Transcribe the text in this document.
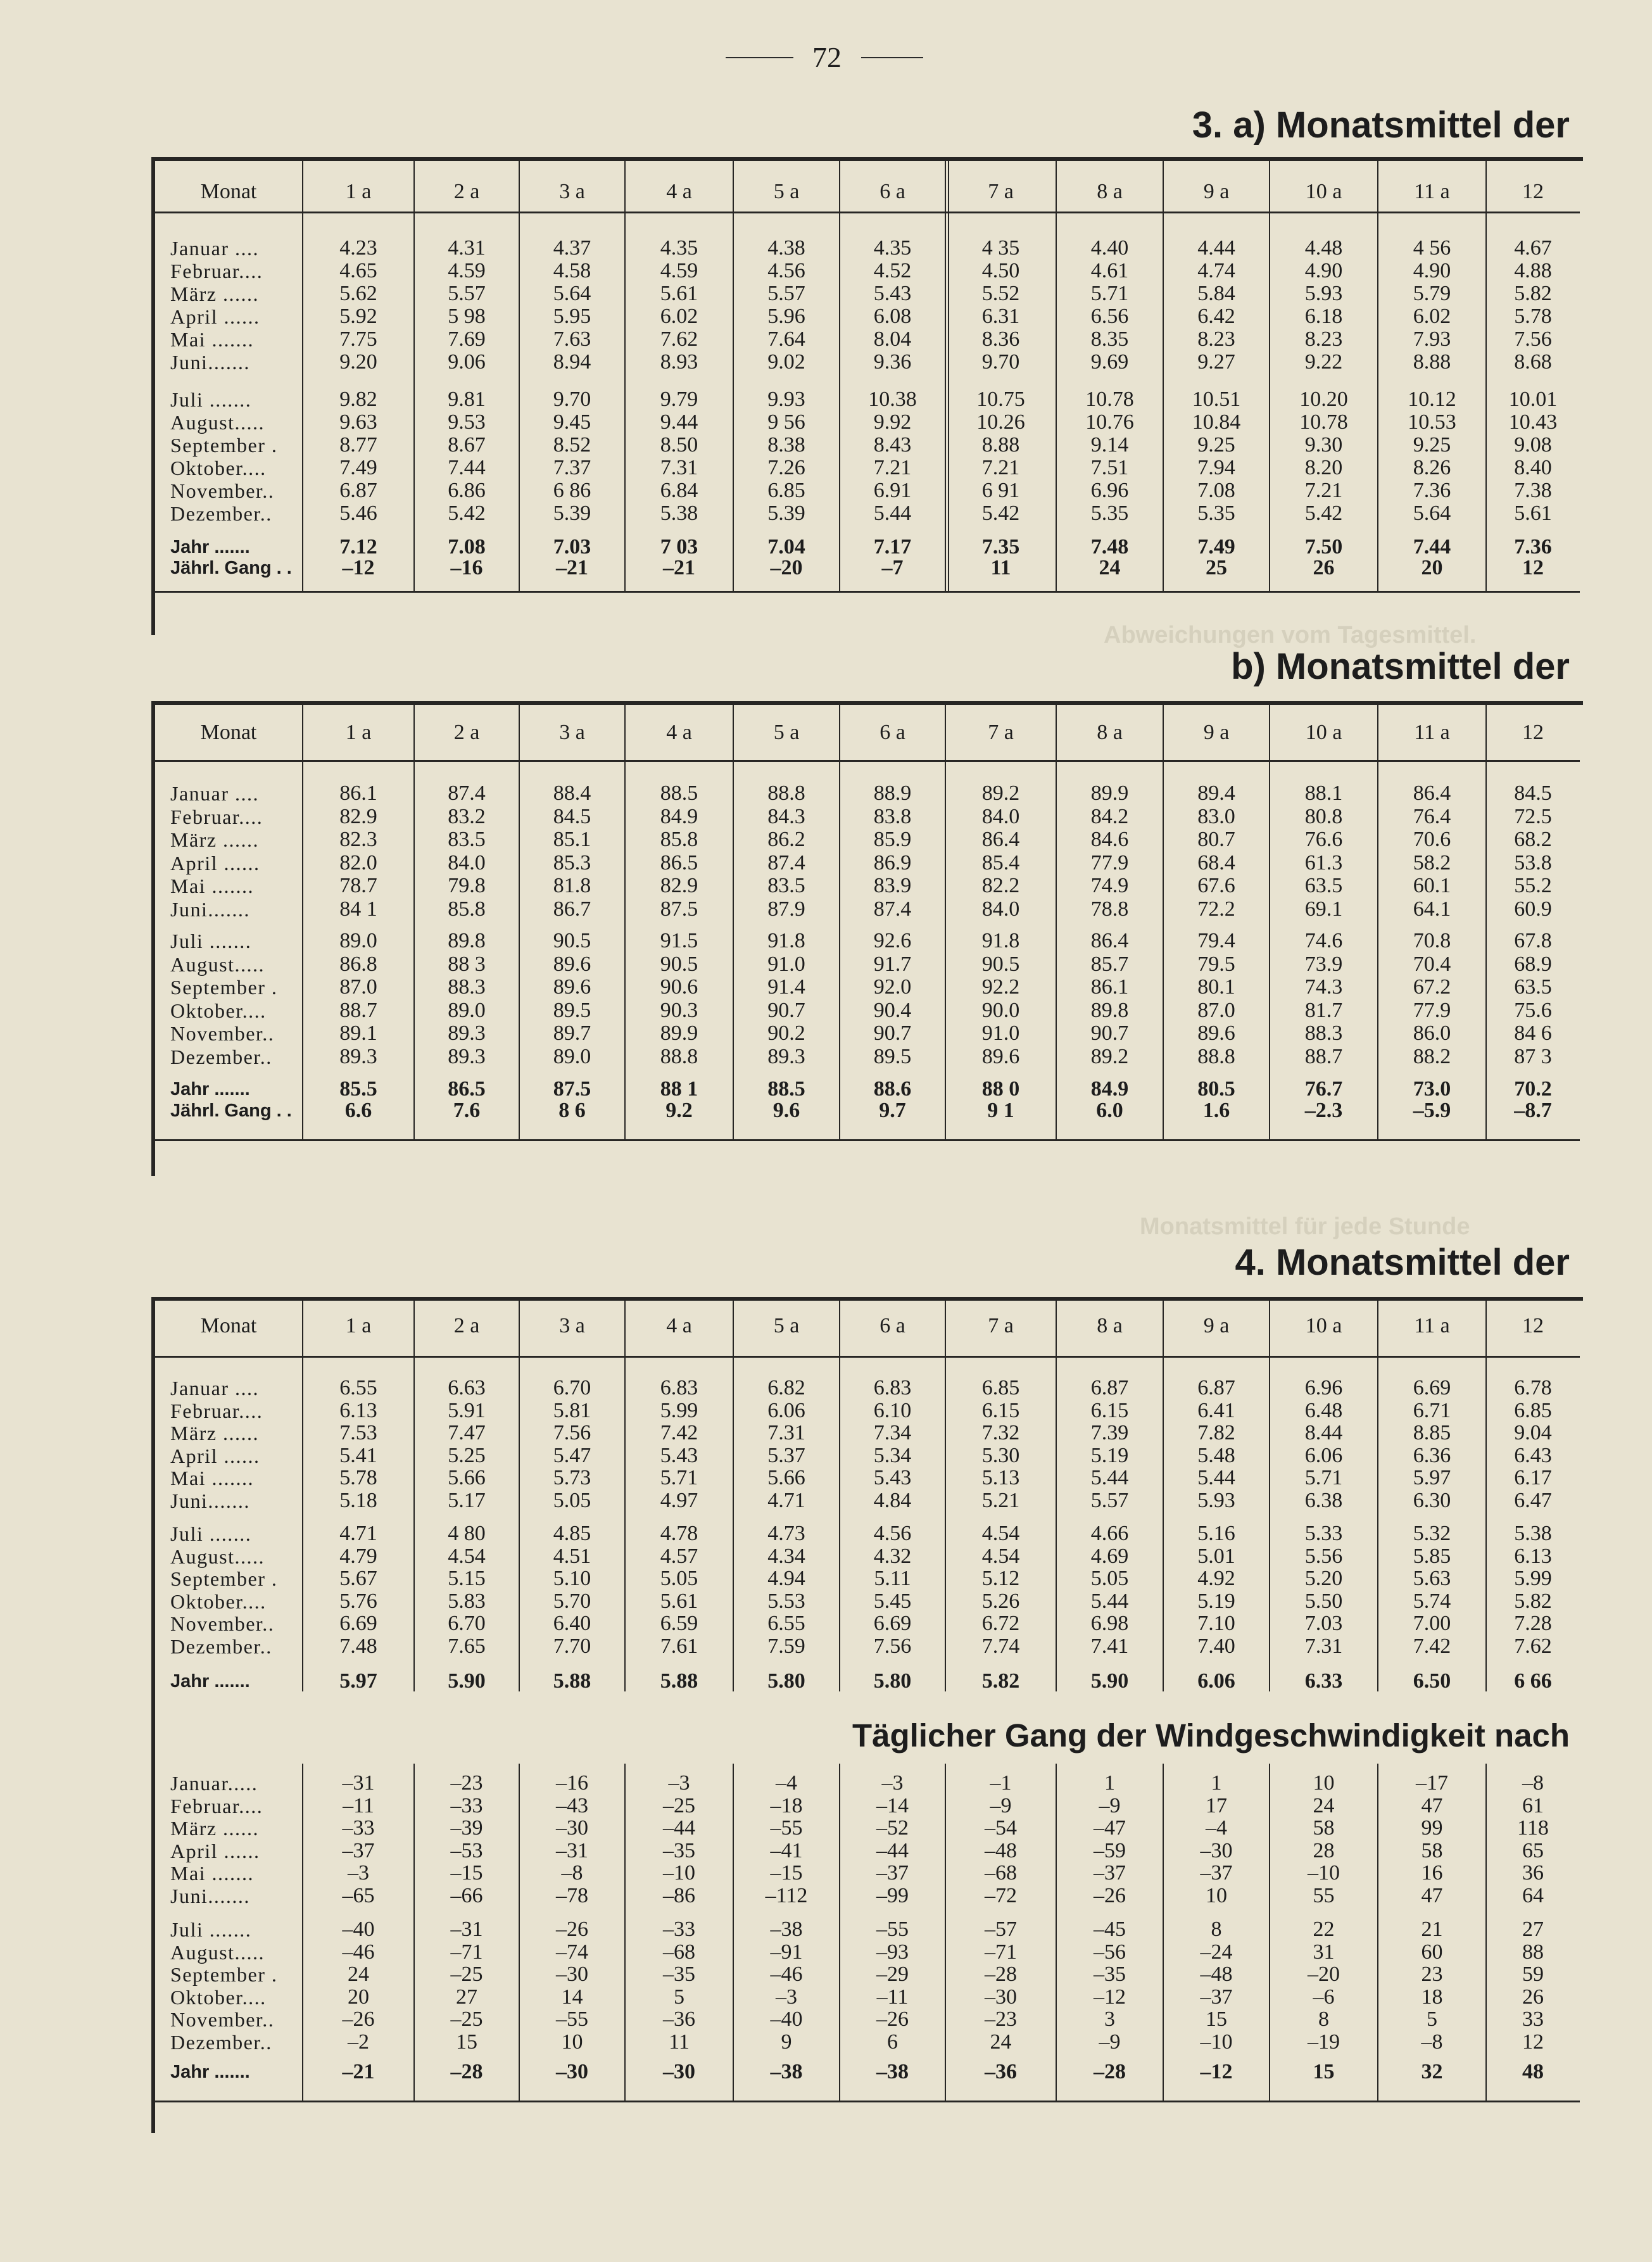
72
Abweichungen vom Tagesmittel.
Monatsmittel für jede Stunde
3. a) Monatsmittel der
b) Monatsmittel der
4. Monatsmittel der
Täglicher Gang der Windgeschwindigkeit nach
Monat	1 a	2 a	3 a	4 a	5 a	6 a	7 a	8 a	9 a	10 a	11 a	12
Januar ....	4.23	4.31	4.37	4.35	4.38	4.35	4 35	4.40	4.44	4.48	4 56	4.67
Februar....	4.65	4.59	4.58	4.59	4.56	4.52	4.50	4.61	4.74	4.90	4.90	4.88
März ......	5.62	5.57	5.64	5.61	5.57	5.43	5.52	5.71	5.84	5.93	5.79	5.82
April ......	5.92	5 98	5.95	6.02	5.96	6.08	6.31	6.56	6.42	6.18	6.02	5.78
Mai .......	7.75	7.69	7.63	7.62	7.64	8.04	8.36	8.35	8.23	8.23	7.93	7.56
Juni.......	9.20	9.06	8.94	8.93	9.02	9.36	9.70	9.69	9.27	9.22	8.88	8.68
Juli .......	9.82	9.81	9.70	9.79	9.93	10.38	10.75	10.78	10.51	10.20	10.12	10.01
August.....	9.63	9.53	9.45	9.44	9 56	9.92	10.26	10.76	10.84	10.78	10.53	10.43
September .	8.77	8.67	8.52	8.50	8.38	8.43	8.88	9.14	9.25	9.30	9.25	9.08
Oktober....	7.49	7.44	7.37	7.31	7.26	7.21	7.21	7.51	7.94	8.20	8.26	8.40
November..	6.87	6.86	6 86	6.84	6.85	6.91	6 91	6.96	7.08	7.21	7.36	7.38
Dezember..	5.46	5.42	5.39	5.38	5.39	5.44	5.42	5.35	5.35	5.42	5.64	5.61
Jahr .......	7.12	7.08	7.03	7 03	7.04	7.17	7.35	7.48	7.49	7.50	7.44	7.36
Jährl. Gang . .	–12	–16	–21	–21	–20	–7	11	24	25	26	20	12
Monat	1 a	2 a	3 a	4 a	5 a	6 a	7 a	8 a	9 a	10 a	11 a	12
Januar ....	86.1	87.4	88.4	88.5	88.8	88.9	89.2	89.9	89.4	88.1	86.4	84.5
Februar....	82.9	83.2	84.5	84.9	84.3	83.8	84.0	84.2	83.0	80.8	76.4	72.5
März ......	82.3	83.5	85.1	85.8	86.2	85.9	86.4	84.6	80.7	76.6	70.6	68.2
April ......	82.0	84.0	85.3	86.5	87.4	86.9	85.4	77.9	68.4	61.3	58.2	53.8
Mai .......	78.7	79.8	81.8	82.9	83.5	83.9	82.2	74.9	67.6	63.5	60.1	55.2
Juni.......	84 1	85.8	86.7	87.5	87.9	87.4	84.0	78.8	72.2	69.1	64.1	60.9
Juli .......	89.0	89.8	90.5	91.5	91.8	92.6	91.8	86.4	79.4	74.6	70.8	67.8
August.....	86.8	88 3	89.6	90.5	91.0	91.7	90.5	85.7	79.5	73.9	70.4	68.9
September .	87.0	88.3	89.6	90.6	91.4	92.0	92.2	86.1	80.1	74.3	67.2	63.5
Oktober....	88.7	89.0	89.5	90.3	90.7	90.4	90.0	89.8	87.0	81.7	77.9	75.6
November..	89.1	89.3	89.7	89.9	90.2	90.7	91.0	90.7	89.6	88.3	86.0	84 6
Dezember..	89.3	89.3	89.0	88.8	89.3	89.5	89.6	89.2	88.8	88.7	88.2	87 3
Jahr .......	85.5	86.5	87.5	88 1	88.5	88.6	88 0	84.9	80.5	76.7	73.0	70.2
Jährl. Gang . .	6.6	7.6	8 6	9.2	9.6	9.7	9 1	6.0	1.6	–2.3	–5.9	–8.7
Monat	1 a	2 a	3 a	4 a	5 a	6 a	7 a	8 a	9 a	10 a	11 a	12
Januar ....	6.55	6.63	6.70	6.83	6.82	6.83	6.85	6.87	6.87	6.96	6.69	6.78
Februar....	6.13	5.91	5.81	5.99	6.06	6.10	6.15	6.15	6.41	6.48	6.71	6.85
März ......	7.53	7.47	7.56	7.42	7.31	7.34	7.32	7.39	7.82	8.44	8.85	9.04
April ......	5.41	5.25	5.47	5.43	5.37	5.34	5.30	5.19	5.48	6.06	6.36	6.43
Mai .......	5.78	5.66	5.73	5.71	5.66	5.43	5.13	5.44	5.44	5.71	5.97	6.17
Juni.......	5.18	5.17	5.05	4.97	4.71	4.84	5.21	5.57	5.93	6.38	6.30	6.47
Juli .......	4.71	4 80	4.85	4.78	4.73	4.56	4.54	4.66	5.16	5.33	5.32	5.38
August.....	4.79	4.54	4.51	4.57	4.34	4.32	4.54	4.69	5.01	5.56	5.85	6.13
September .	5.67	5.15	5.10	5.05	4.94	5.11	5.12	5.05	4.92	5.20	5.63	5.99
Oktober....	5.76	5.83	5.70	5.61	5.53	5.45	5.26	5.44	5.19	5.50	5.74	5.82
November..	6.69	6.70	6.40	6.59	6.55	6.69	6.72	6.98	7.10	7.03	7.00	7.28
Dezember..	7.48	7.65	7.70	7.61	7.59	7.56	7.74	7.41	7.40	7.31	7.42	7.62
Jahr .......	5.97	5.90	5.88	5.88	5.80	5.80	5.82	5.90	6.06	6.33	6.50	6 66
Januar.....	–31	–23	–16	–3	–4	–3	–1	1	1	10	–17	–8
Februar....	–11	–33	–43	–25	–18	–14	–9	–9	17	24	47	61
März ......	–33	–39	–30	–44	–55	–52	–54	–47	–4	58	99	118
April ......	–37	–53	–31	–35	–41	–44	–48	–59	–30	28	58	65
Mai .......	–3	–15	–8	–10	–15	–37	–68	–37	–37	–10	16	36
Juni.......	–65	–66	–78	–86	–112	–99	–72	–26	10	55	47	64
Juli .......	–40	–31	–26	–33	–38	–55	–57	–45	8	22	21	27
August.....	–46	–71	–74	–68	–91	–93	–71	–56	–24	31	60	88
September .	24	–25	–30	–35	–46	–29	–28	–35	–48	–20	23	59
Oktober....	20	27	14	5	–3	–11	–30	–12	–37	–6	18	26
November..	–26	–25	–55	–36	–40	–26	–23	3	15	8	5	33
Dezember..	–2	15	10	11	9	6	24	–9	–10	–19	–8	12
Jahr .......	–21	–28	–30	–30	–38	–38	–36	–28	–12	15	32	48
